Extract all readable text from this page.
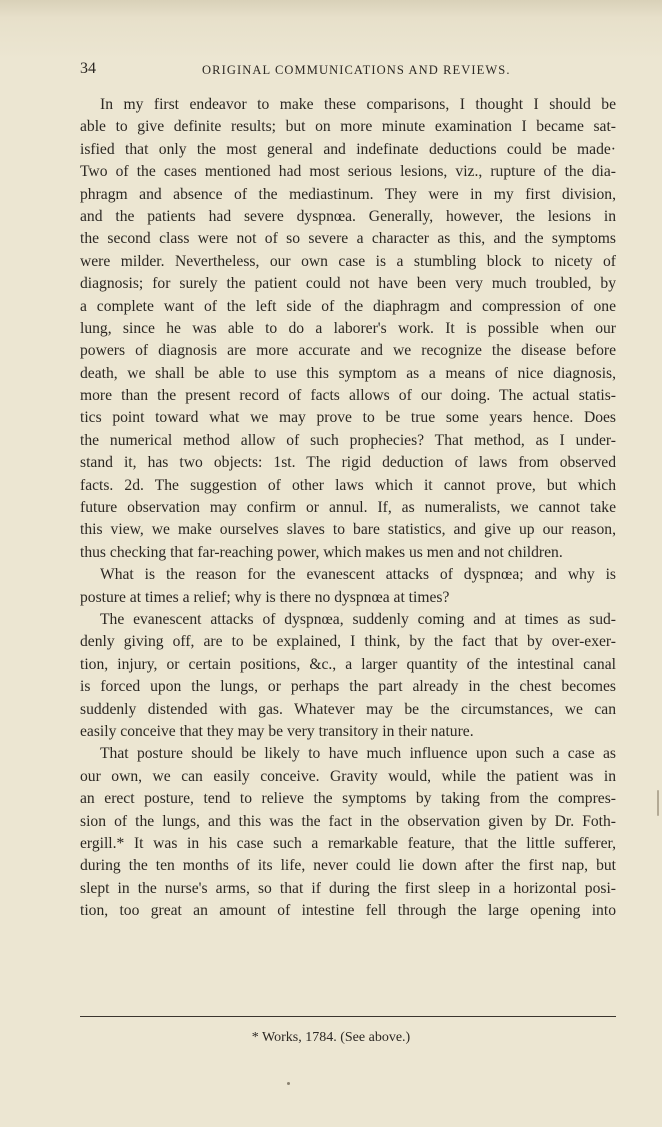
34	ORIGINAL COMMUNICATIONS AND REVIEWS.
In my first endeavor to make these comparisons, I thought I should be
able to give definite results; but on more minute examination I became sat-
isfied that only the most general and indefinate deductions could be made·
Two of the cases mentioned had most serious lesions, viz., rupture of the dia-
phragm and absence of the mediastinum. They were in my first division,
and the patients had severe dyspnœa. Generally, however, the lesions in
the second class were not of so severe a character as this, and the symptoms
were milder. Nevertheless, our own case is a stumbling block to nicety of
diagnosis; for surely the patient could not have been very much troubled, by
a complete want of the left side of the diaphragm and compression of one
lung, since he was able to do a laborer's work. It is possible when our
powers of diagnosis are more accurate and we recognize the disease before
death, we shall be able to use this symptom as a means of nice diagnosis,
more than the present record of facts allows of our doing. The actual statis-
tics point toward what we may prove to be true some years hence. Does
the numerical method allow of such prophecies? That method, as I under-
stand it, has two objects: 1st. The rigid deduction of laws from observed
facts. 2d. The suggestion of other laws which it cannot prove, but which
future observation may confirm or annul. If, as numeralists, we cannot take
this view, we make ourselves slaves to bare statistics, and give up our reason,
thus checking that far-reaching power, which makes us men and not children.
What is the reason for the evanescent attacks of dyspnœa; and why is
posture at times a relief; why is there no dyspnœa at times?
The evanescent attacks of dyspnœa, suddenly coming and at times as sud-
denly giving off, are to be explained, I think, by the fact that by over-exer-
tion, injury, or certain positions, &c., a larger quantity of the intestinal canal
is forced upon the lungs, or perhaps the part already in the chest becomes
suddenly distended with gas. Whatever may be the circumstances, we can
easily conceive that they may be very transitory in their nature.
That posture should be likely to have much influence upon such a case as
our own, we can easily conceive. Gravity would, while the patient was in
an erect posture, tend to relieve the symptoms by taking from the compres-
sion of the lungs, and this was the fact in the observation given by Dr. Foth-
ergill.* It was in his case such a remarkable feature, that the little sufferer,
during the ten months of its life, never could lie down after the first nap, but
slept in the nurse's arms, so that if during the first sleep in a horizontal posi-
tion, too great an amount of intestine fell through the large opening into
* Works, 1784. (See above.)
